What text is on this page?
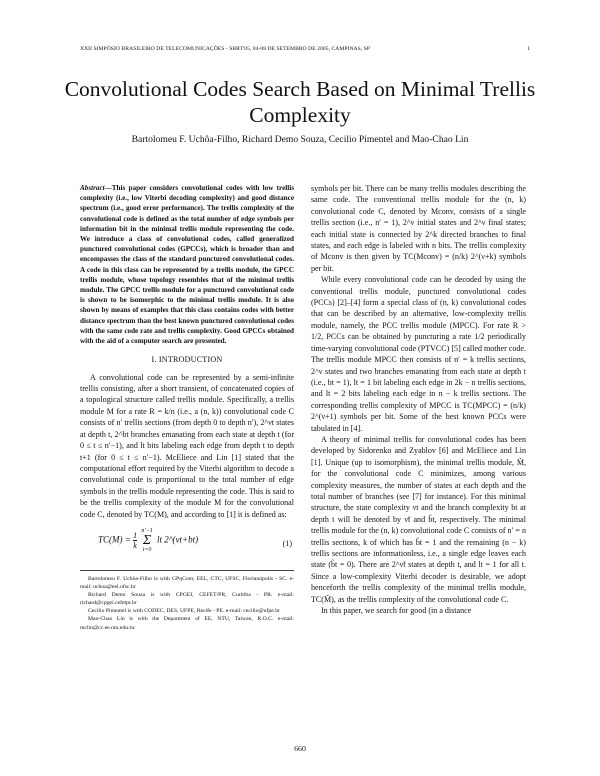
XXII SIMPÓSIO BRASILEIRO DE TELECOMUNICAÇÕES - SBRT'05, 04-08 DE SETEMBRO DE 2005, CAMPINAS, SP	1
Convolutional Codes Search Based on Minimal Trellis Complexity
Bartolomeu F. Uchôa-Filho, Richard Demo Souza, Cecilio Pimentel and Mao-Chao Lin
Abstract—This paper considers convolutional codes with low trellis complexity (i.e., low Viterbi decoding complexity) and good distance spectrum (i.e., good error performance). The trellis complexity of the convolutional code is defined as the total number of edge symbols per information bit in the minimal trellis module representing the code. We introduce a class of convolutional codes, called generalized punctured convolutional codes (GPCCs), which is broader than and encompasses the class of the standard punctured convolutional codes. A code in this class can be represented by a trellis module, the GPCC trellis module, whose topology resembles that of the minimal trellis module. The GPCC trellis module for a punctured convolutional code is shown to be isomorphic to the minimal trellis module. It is also shown by means of examples that this class contains codes with better distance spectrum than the best known punctured convolutional codes with the same code rate and trellis complexity. Good GPCCs obtained with the aid of a computer search are presented.
I. INTRODUCTION

A convolutional code can be represented by a semi-infinite trellis consisting, after a short transient, of concatenated copies of a topological structure called trellis module. Specifically, a trellis module M for a rate R = k/n (i.e., a (n, k)) convolutional code C consists of n′ trellis sections (from depth 0 to depth n′), 2^νt states at depth t, 2^bt branches emanating from each state at depth t (for 0 ≤ t ≤ n′−1), and lt bits labeling each edge from depth t to depth t+1 (for 0 ≤ t ≤ n′−1). McEliece and Lin [1] stated that the computational effort required by the Viterbi algorithm to decode a convolutional code is proportional to the total number of edge symbols in the trellis module representing the code. This is said to be the trellis complexity of the module M for the convolutional code C, denoted by TC(M), and according to [1] it is defined as:

$TC(M) = \frac{1}{k} n'-1$
Σ
t=0 lt 2^(νt+bt)	(1)

Bartolomeu F. Uchôa-Filho is with GPqCom, EEL, CTC, UFSC, Florianópolis - SC. e-mail: uchoa@eel.ufsc.br

Richard Demo Souza is with CPGEI, CEFET/PR, Curitiba - PR. e-mail: richard@cpgei.cefetpr.br

Cecilio Pimentel is with CODEC, DES, UFPE, Recife - PE. e-mail: cecilio@ufpe.br

Mao-Chao Lin is with the Department of EE, NTU, Taiwan, R.O.C. e-mail: mclin@cc.ee.ntu.edu.tw

symbols per bit. There can be many trellis modules describing the same code. The conventional trellis module for the (n, k) convolutional code C, denoted by Mconv, consists of a single trellis section (i.e., n′ = 1), 2^ν initial states and 2^ν final states; each initial state is connected by 2^k directed branches to final states, and each edge is labeled with n bits. The trellis complexity of Mconv is then given by TC(Mconv) = (n/k) 2^(ν+k) symbols per bit.

While every convolutional code can be decoded by using the conventional trellis module, punctured convolutional codes (PCCs) [2]–[4] form a special class of (n, k) convolutional codes that can be described by an alternative, low-complexity trellis module, namely, the PCC trellis module (MPCC). For rate R > 1/2, PCCs can be obtained by puncturing a rate 1/2 periodically time-varying convolutional code (PTVCC) [5] called mother code. The trellis module MPCC then consists of n′ = k trellis sections, 2^ν states and two branches emanating from each state at depth t (i.e., bt = 1), lt = 1 bit labeling each edge in 2k − n trellis sections, and lt = 2 bits labeling each edge in n − k trellis sections. The corresponding trellis complexity of MPCC is TC(MPCC) = (n/k) 2^(ν+1) symbols per bit. Some of the best known PCCs were tabulated in [4].

A theory of minimal trellis for convolutional codes has been developed by Sidorenko and Zyablov [6] and McEliece and Lin [1]. Unique (up to isomorphism), the minimal trellis module, M̃, for the convolutional code C minimizes, among various complexity measures, the number of states at each depth and the total number of branches (see [7] for instance). For this minimal structure, the state complexity νt and the branch complexity bt at depth t will be denoted by ν̃t and b̃t, respectively. The minimal trellis module for the (n, k) convolutional code C consists of n′ = n trellis sections, k of which has b̃t = 1 and the remaining (n − k) trellis sections are informationless, i.e., a single edge leaves each state (b̃t = 0). There are 2^ν̃t states at depth t, and lt = 1 for all t. Since a low-complexity Viterbi decoder is desirable, we adopt henceforth the trellis complexity of the minimal trellis module, TC(M̃), as the trellis complexity of the convolutional code C.

In this paper, we search for good (in a distance

660
